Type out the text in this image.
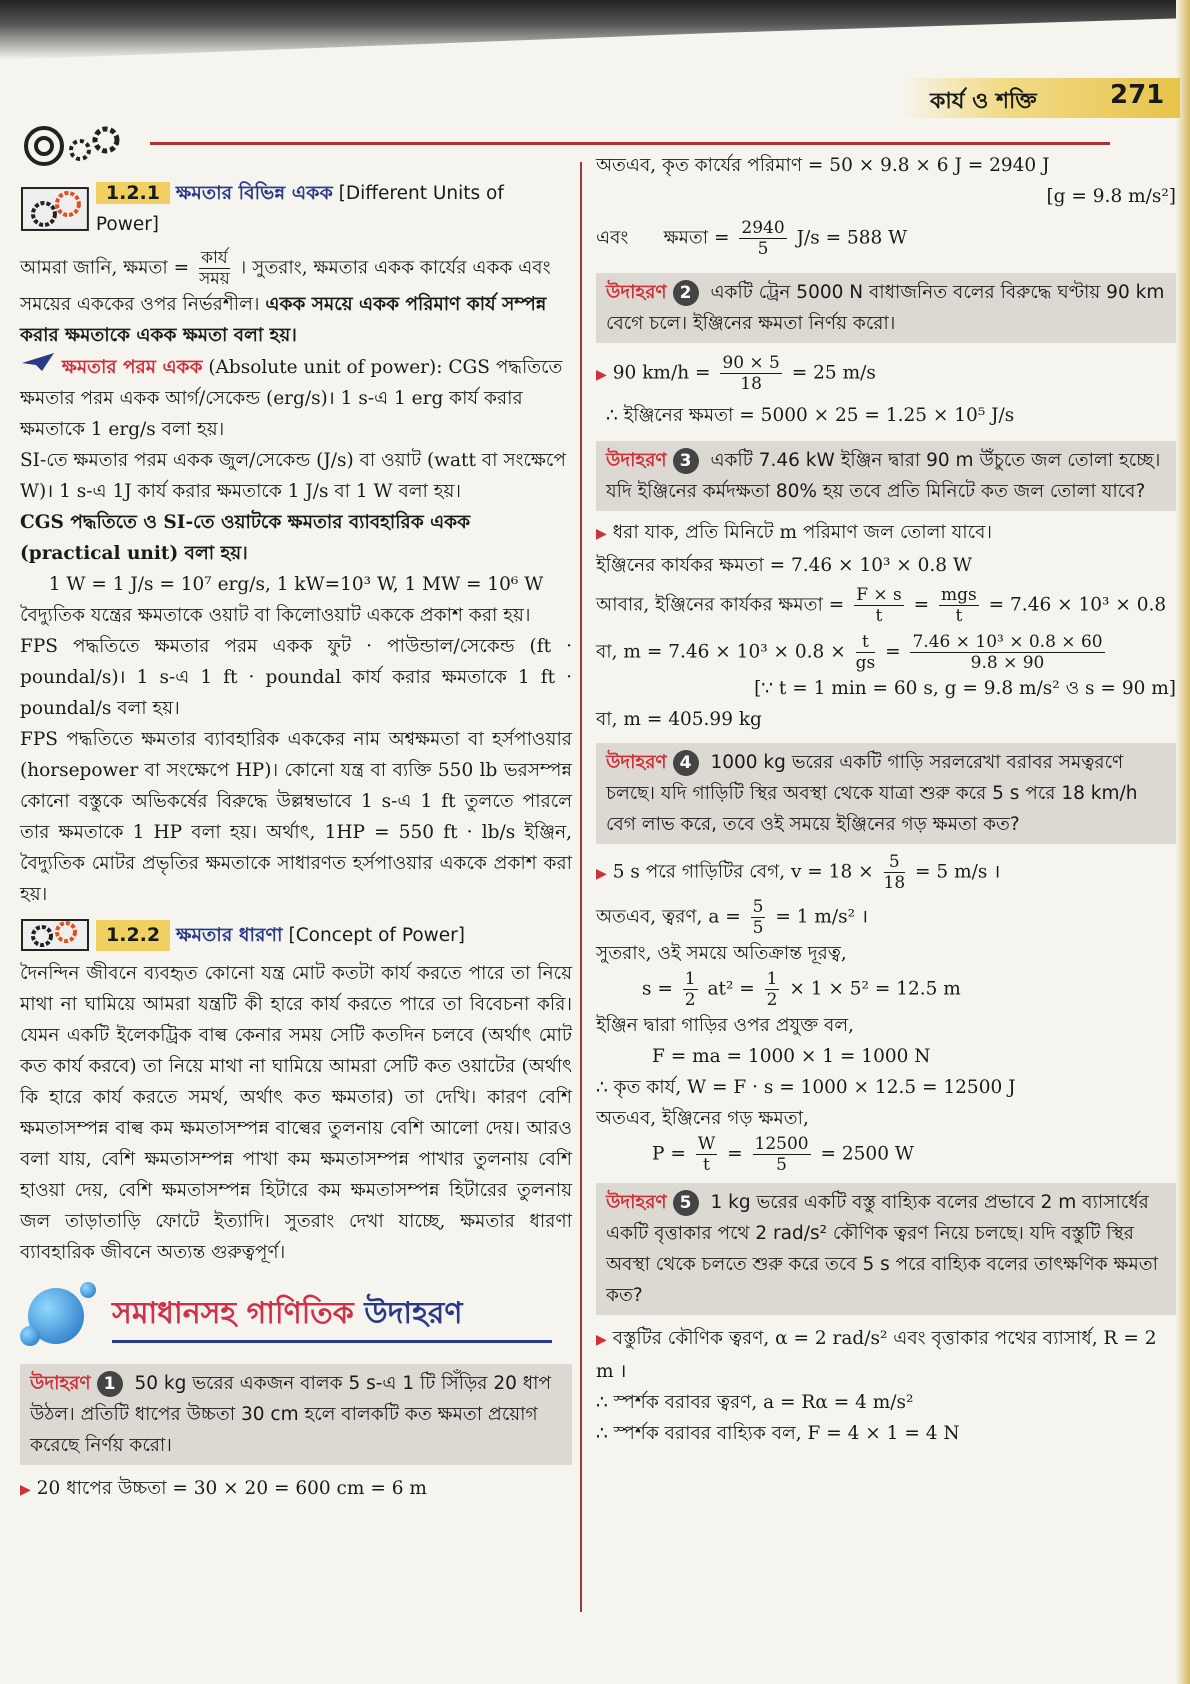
কার্য ও শক্তি	271
1.2.1 ক্ষমতার বিভিন্ন একক [Different Units of Power]

আমরা জানি, ক্ষমতা = $\frac{\text{কার্য}}{\text{সময়}}$ । সুতরাং, ক্ষমতার একক কার্যের একক এবং সময়ের এককের ওপর নির্ভরশীল। একক সময়ে একক পরিমাণ কার্য সম্পন্ন করার ক্ষমতাকে একক ক্ষমতা বলা হয়।

ক্ষমতার পরম একক (Absolute unit of power): CGS পদ্ধতিতে ক্ষমতার পরম একক আর্গ/সেকেন্ড (erg/s)। 1 s-এ 1 erg কার্য করার ক্ষমতাকে 1 erg/s বলা হয়।

SI-তে ক্ষমতার পরম একক জুল/সেকেন্ড (J/s) বা ওয়াট (watt বা সংক্ষেপে W)। 1 s-এ 1J কার্য করার ক্ষমতাকে 1 J/s বা 1 W বলা হয়।

CGS পদ্ধতিতে ও SI-তে ওয়াটকে ক্ষমতার ব্যাবহারিক একক (practical unit) বলা হয়।

1 W = 1 J/s = 10⁷ erg/s, 1 kW=10³ W, 1 MW = 10⁶ W

বৈদ্যুতিক যন্ত্রের ক্ষমতাকে ওয়াট বা কিলোওয়াট এককে প্রকাশ করা হয়।

FPS পদ্ধতিতে ক্ষমতার পরম একক ফুট · পাউন্ডাল/সেকেন্ড (ft · poundal/s)। 1 s-এ 1 ft · poundal কার্য করার ক্ষমতাকে 1 ft · poundal/s বলা হয়।

FPS পদ্ধতিতে ক্ষমতার ব্যাবহারিক এককের নাম অশ্বক্ষমতা বা হর্সপাওয়ার (horsepower বা সংক্ষেপে HP)। কোনো যন্ত্র বা ব্যক্তি 550 lb ভরসম্পন্ন কোনো বস্তুকে অভিকর্ষের বিরুদ্ধে উল্লম্বভাবে 1 s-এ 1 ft তুলতে পারলে তার ক্ষমতাকে 1 HP বলা হয়। অর্থাৎ, 1HP = 550 ft · lb/s ইঞ্জিন, বৈদ্যুতিক মোটর প্রভৃতির ক্ষমতাকে সাধারণত হর্সপাওয়ার এককে প্রকাশ করা হয়।

1.2.2 ক্ষমতার ধারণা [Concept of Power]

দৈনন্দিন জীবনে ব্যবহৃত কোনো যন্ত্র মোট কতটা কার্য করতে পারে তা নিয়ে মাথা না ঘামিয়ে আমরা যন্ত্রটি কী হারে কার্য করতে পারে তা বিবেচনা করি। যেমন একটি ইলেকট্রিক বাল্ব কেনার সময় সেটি কতদিন চলবে (অর্থাৎ মোট কত কার্য করবে) তা নিয়ে মাথা না ঘামিয়ে আমরা সেটি কত ওয়াটের (অর্থাৎ কি হারে কার্য করতে সমর্থ, অর্থাৎ কত ক্ষমতার) তা দেখি। কারণ বেশি ক্ষমতাসম্পন্ন বাল্ব কম ক্ষমতাসম্পন্ন বাল্বের তুলনায় বেশি আলো দেয়। আরও বলা যায়, বেশি ক্ষমতাসম্পন্ন পাখা কম ক্ষমতাসম্পন্ন পাখার তুলনায় বেশি হাওয়া দেয়, বেশি ক্ষমতাসম্পন্ন হিটারে কম ক্ষমতাসম্পন্ন হিটারের তুলনায় জল তাড়াতাড়ি ফোটে ইত্যাদি। সুতরাং দেখা যাচ্ছে, ক্ষমতার ধারণা ব্যাবহারিক জীবনে অত্যন্ত গুরুত্বপূর্ণ।

সমাধানসহ গাণিতিক উদাহরণ
উদাহরণ 1 50 kg ভরের একজন বালক 5 s-এ 1 টি সিঁড়ির 20 ধাপ উঠল। প্রতিটি ধাপের উচ্চতা 30 cm হলে বালকটি কত ক্ষমতা প্রয়োগ করেছে নির্ণয় করো।

▶ 20 ধাপের উচ্চতা = 30 × 20 = 600 cm = 6 m

অতএব, কৃত কার্যের পরিমাণ = 50 × 9.8 × 6 J = 2940 J

[g = 9.8 m/s²]

এবং ক্ষমতা = $\frac{2940}{5} J/s = 588$ W

উদাহরণ 2 একটি ট্রেন 5000 N বাধাজনিত বলের বিরুদ্ধে ঘণ্টায় 90 km বেগে চলে। ইঞ্জিনের ক্ষমতা নির্ণয় করো।

▶ 90 $km/h = \frac{90 \times 5}{18} = 25$ m/s

∴ ইঞ্জিনের ক্ষমতা = 5000 × 25 = 1.25 × 10⁵ J/s

উদাহরণ 3 একটি 7.46 kW ইঞ্জিন দ্বারা 90 m উঁচুতে জল তোলা হচ্ছে। যদি ইঞ্জিনের কর্মদক্ষতা 80% হয় তবে প্রতি মিনিটে কত জল তোলা যাবে?

▶ ধরা যাক, প্রতি মিনিটে m পরিমাণ জল তোলা যাবে।

ইঞ্জিনের কার্যকর ক্ষমতা = 7.46 × 10³ × 0.8 W

আবার, ইঞ্জিনের কার্যকর ক্ষমতা = $\frac{F \times s}{t} = \frac{\text{mgs}}{t} = 7.46 \times 10^3 \times 0.8$

বা, $m = 7.46 \times 10^3 \times 0.8 \times \frac{t}{gs} = \frac{\text{7.46 × 10³ × 0.8 × 60}}{9.8 \times 90}$

[∵ t = 1 min = 60 s, g = 9.8 m/s² ও s = 90 m]

বা, m = 405.99 kg

উদাহরণ 4 1000 kg ভরের একটি গাড়ি সরলরেখা বরাবর সমত্বরণে চলছে। যদি গাড়িটি স্থির অবস্থা থেকে যাত্রা শুরু করে 5 s পরে 18 km/h বেগ লাভ করে, তবে ওই সময়ে ইঞ্জিনের গড় ক্ষমতা কত?

▶ 5 s পরে গাড়িটির বেগ, $v = 18 \times \frac{5}{18} = 5$ m/s ।

অতএব, ত্বরণ, $a = \frac{5}{5} = 1$ m/s² ।

সুতরাং, ওই সময়ে অতিক্রান্ত দূরত্ব,

$s = \frac{1}{2} at^2 = \frac{1}{2} \times 1 \times 5^2 = 12.5$ m

ইঞ্জিন দ্বারা গাড়ির ওপর প্রযুক্ত বল,

F = ma = 1000 × 1 = 1000 N

∴ কৃত কার্য, W = F · s = 1000 × 12.5 = 12500 J

অতএব, ইঞ্জিনের গড় ক্ষমতা,

$P = \frac{W}{t} = \frac{12500}{5} = 2500$ W

উদাহরণ 5 1 kg ভরের একটি বস্তু বাহ্যিক বলের প্রভাবে 2 m ব্যাসার্ধের একটি বৃত্তাকার পথে 2 rad/s² কৌণিক ত্বরণ নিয়ে চলছে। যদি বস্তুটি স্থির অবস্থা থেকে চলতে শুরু করে তবে 5 s পরে বাহ্যিক বলের তাৎক্ষণিক ক্ষমতা কত?

▶ বস্তুটির কৌণিক ত্বরণ, α = 2 rad/s² এবং বৃত্তাকার পথের ব্যাসার্ধ, R = 2 m ।

∴ স্পর্শক বরাবর ত্বরণ, a = Rα = 4 m/s²

∴ স্পর্শক বরাবর বাহ্যিক বল, F = 4 × 1 = 4 N
